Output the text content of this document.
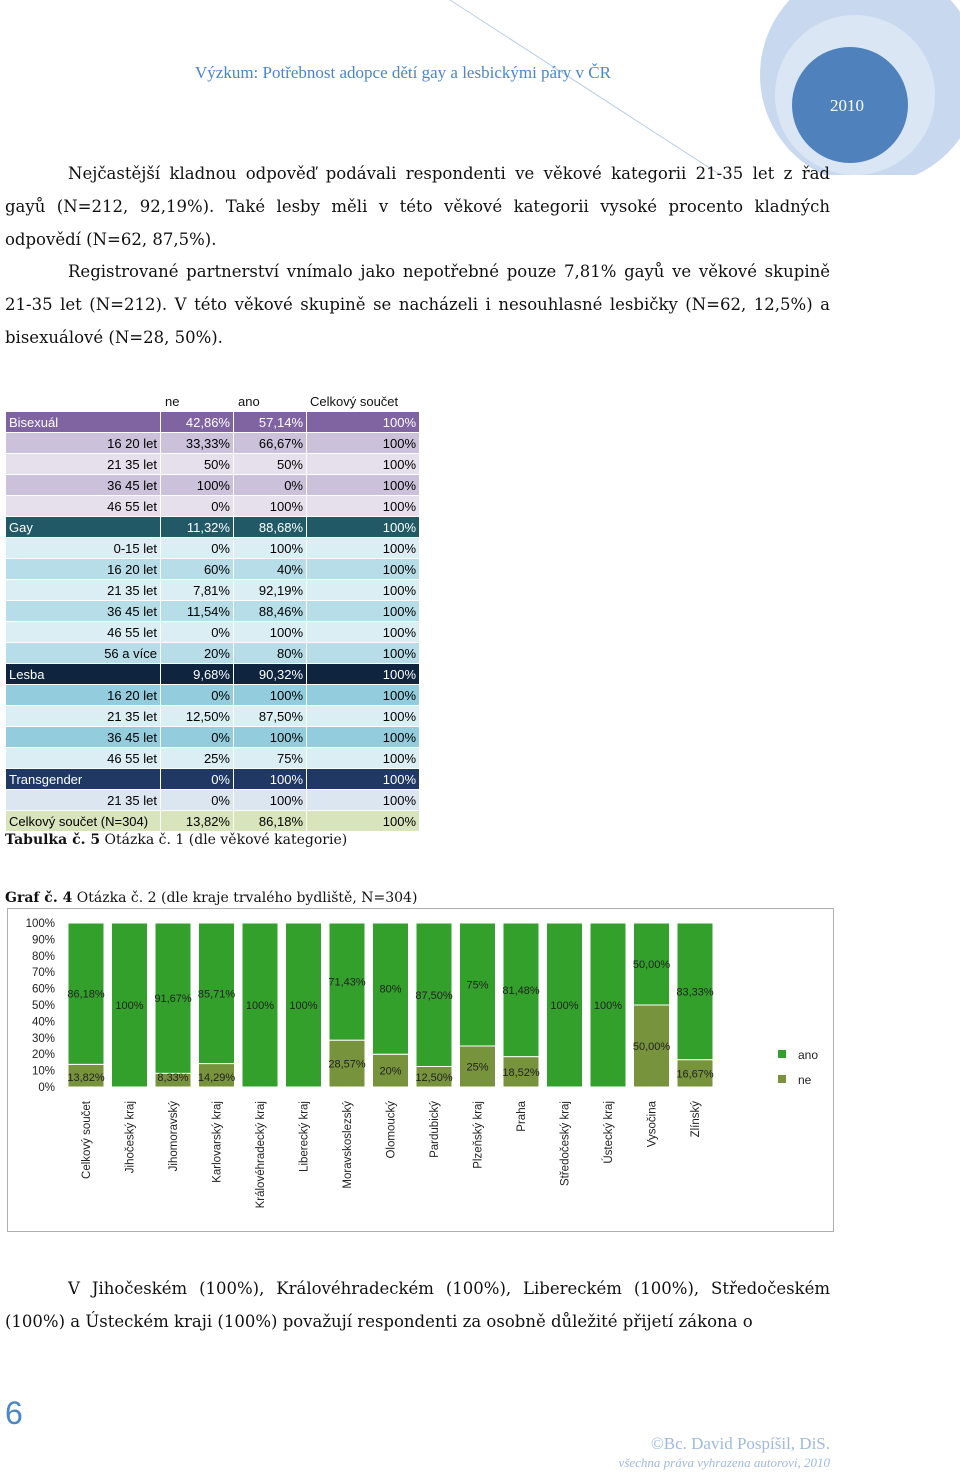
Výzkum: Potřebnost adopce dětí gay a lesbickými páry v ČR
2010
Nejčastější kladnou odpověď podávali respondenti ve věkové kategorii 21-35 let z řad gayů (N=212, 92,19%). Také lesby měli v této věkové kategorii vysoké procento kladných odpovědí (N=62, 87,5%).
Registrované partnerství vnímalo jako nepotřebné pouze 7,81% gayů ve věkové skupině 21-35 let (N=212). V této věkové skupině se nacházeli i nesouhlasné lesbičky (N=62, 12,5%) a bisexuálové (N=28, 50%).
	ne	ano	Celkový součet
Bisexuál	42,86%	57,14%	100%
16 20 let	33,33%	66,67%	100%
21 35 let	50%	50%	100%
36 45 let	100%	0%	100%
46 55 let	0%	100%	100%
Gay	11,32%	88,68%	100%
0-15 let	0%	100%	100%
16 20 let	60%	40%	100%
21 35 let	7,81%	92,19%	100%
36 45 let	11,54%	88,46%	100%
46 55 let	0%	100%	100%
56 a více	20%	80%	100%
Lesba	9,68%	90,32%	100%
16 20 let	0%	100%	100%
21 35 let	12,50%	87,50%	100%
36 45 let	0%	100%	100%
46 55 let	25%	75%	100%
Transgender	0%	100%	100%
21 35 let	0%	100%	100%
Celkový součet (N=304)	13,82%	86,18%	100%
Tabulka č. 5 Otázka č. 1 (dle věkové kategorie)
Graf č. 4 Otázka č. 2 (dle kraje trvalého bydliště, N=304)
0%
10%
20%
30%
40%
50%
60%
70%
80%
90%
100%
13,82%
86,18%
Celkový součet
100%
Jihočeský kraj
8,33%
91,67%
Jihomoravský
14,29%
85,71%
Karlovarský kraj
100%
Královéhradecký kraj
100%
Liberecký kraj
28,57%
71,43%
Moravskoslezský
20%
80%
Olomoucký
12,50%
87,50%
Pardubický
25%
75%
Plzeňský kraj
18,52%
81,48%
Praha
100%
Středočeský kraj
100%
Ústecký kraj
50,00%
50,00%
Vysočina
16,67%
83,33%
Zlínský
ano
ne
V Jihočeském (100%), Královéhradeckém (100%), Libereckém (100%), Středočeském (100%) a Ústeckém kraji (100%) považují respondenti za osobně důležité přijetí zákona o
6
©Bc. David Pospíšil, DiS.
všechna práva vyhrazena autorovi, 2010
